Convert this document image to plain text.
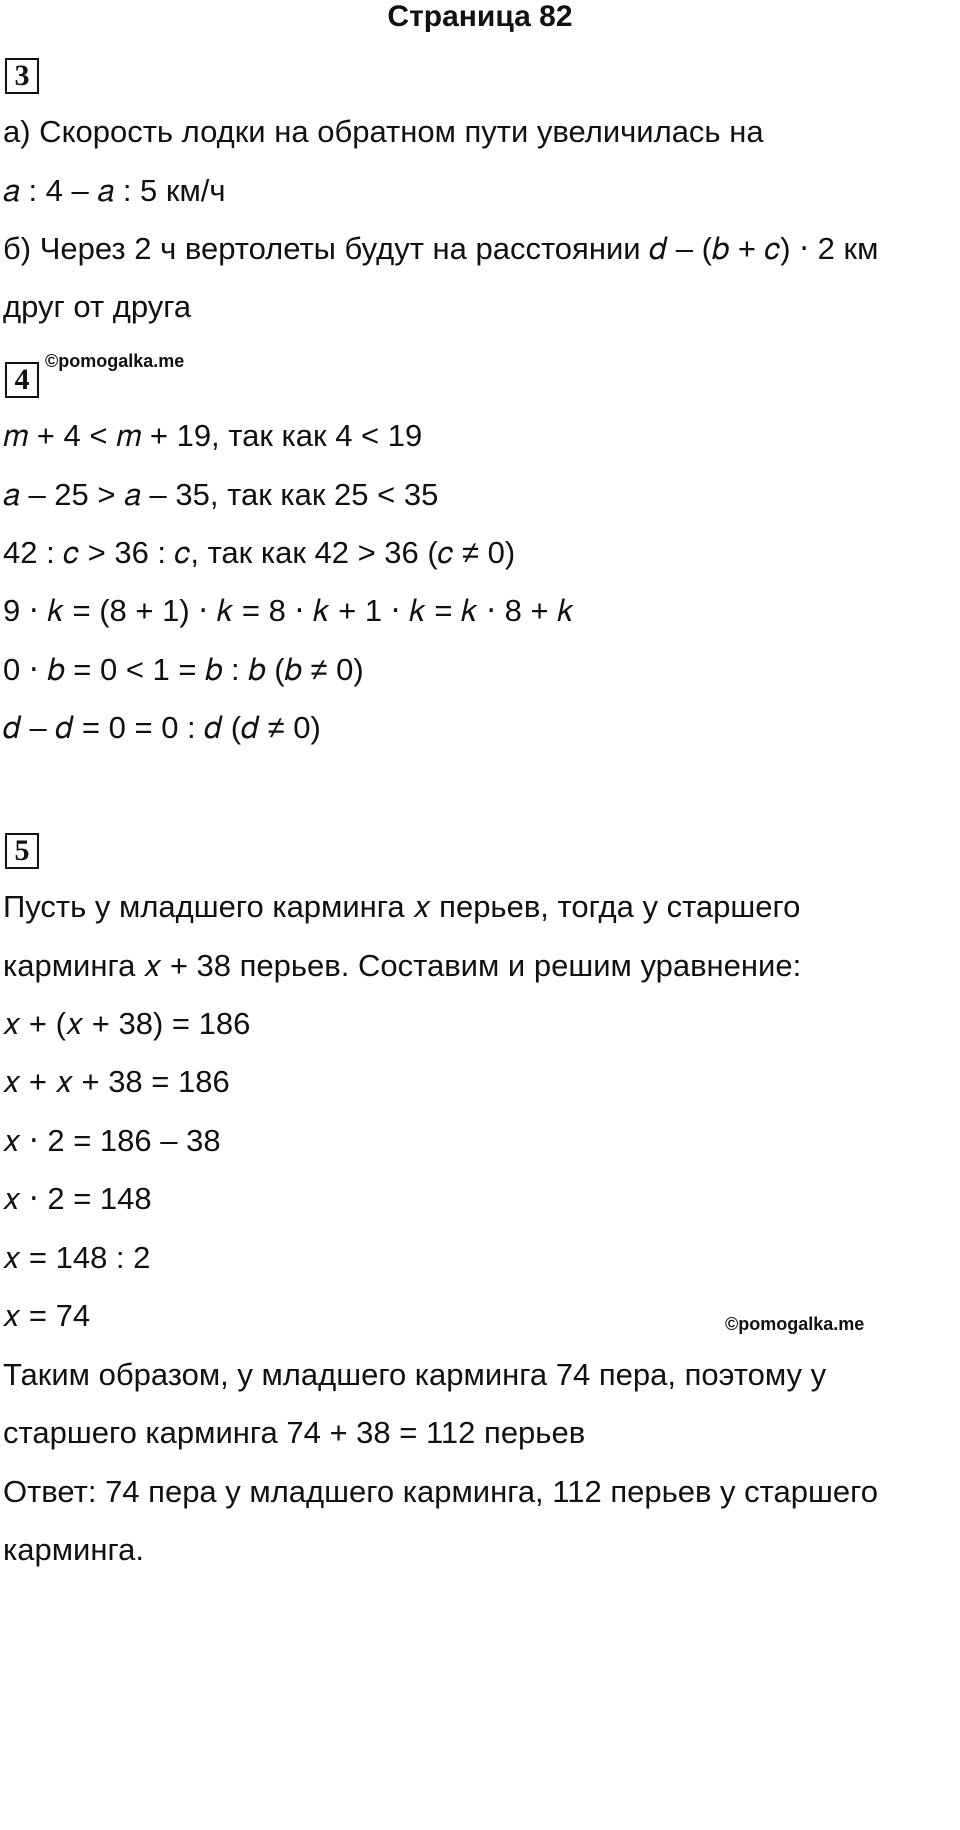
Страница 82
3
а) Скорость лодки на обратном пути увеличилась на
𝑎 : 4 – 𝑎 : 5 км/ч
б) Через 2 ч вертолеты будут на расстоянии 𝑑 – (𝑏 + 𝑐) ⋅ 2 км
друг от друга
4
©pomogalka.me
𝑚 + 4 < 𝑚 + 19, так как 4 < 19
𝑎 – 25 > 𝑎 – 35, так как 25 < 35
42 : 𝑐 > 36 : 𝑐, так как 42 > 36 (𝑐 ≠ 0)
9 ⋅ 𝑘 = (8 + 1) ⋅ 𝑘 = 8 ⋅ 𝑘 + 1 ⋅ 𝑘 = 𝑘 ⋅ 8 + 𝑘
0 ⋅ 𝑏 = 0 < 1 = 𝑏 : 𝑏 (𝑏 ≠ 0)
𝑑 – 𝑑 = 0 = 0 : 𝑑 (𝑑 ≠ 0)
5
Пусть у младшего карминга 𝑥 перьев, тогда у старшего
карминга 𝑥 + 38 перьев. Составим и решим уравнение:
𝑥 + (𝑥 + 38) = 186
𝑥 + 𝑥 + 38 = 186
𝑥 ⋅ 2 = 186 – 38
𝑥 ⋅ 2 = 148
𝑥 = 148 : 2
𝑥 = 74	©pomogalka.me
Таким образом, у младшего карминга 74 пера, поэтому у
старшего карминга 74 + 38 = 112 перьев
Ответ: 74 пера у младшего карминга, 112 перьев у старшего
карминга.
